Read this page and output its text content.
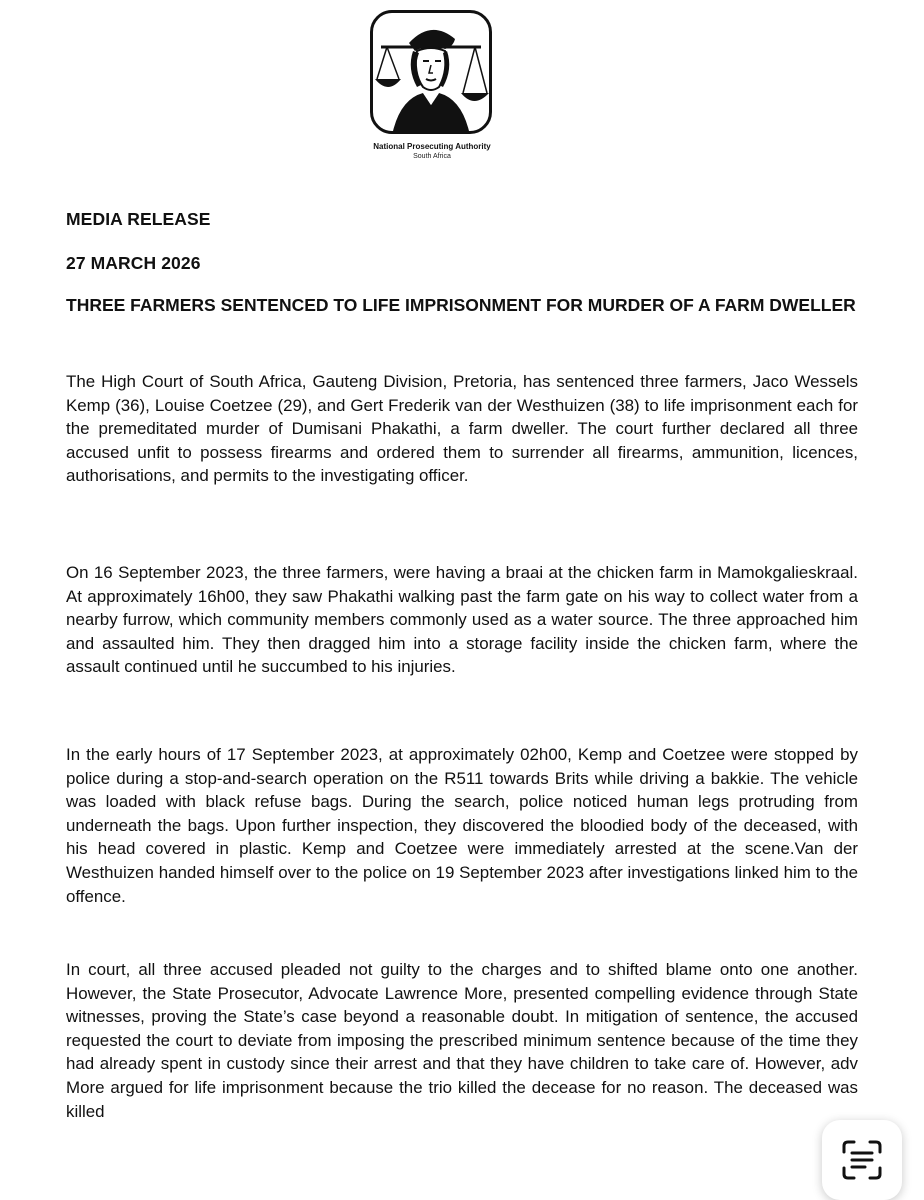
National Prosecuting Authority
South Africa
MEDIA RELEASE
27 MARCH 2026
THREE FARMERS SENTENCED TO LIFE IMPRISONMENT FOR MURDER OF A FARM DWELLER
The High Court of South Africa, Gauteng Division, Pretoria, has sentenced three farmers, Jaco Wessels Kemp (36), Louise Coetzee (29), and Gert Frederik van der Westhuizen (38) to life imprisonment each for the premeditated murder of Dumisani Phakathi, a farm dweller. The court further declared all three accused unfit to possess firearms and ordered them to surrender all firearms, ammunition, licences, authorisations, and permits to the investigating officer.
On 16 September 2023, the three farmers, were having a braai at the chicken farm in Mamokgalieskraal. At approximately 16h00, they saw Phakathi walking past the farm gate on his way to collect water from a nearby furrow, which community members commonly used as a water source. The three approached him and assaulted him. They then dragged him into a storage facility inside the chicken farm, where the assault continued until he succumbed to his injuries.
In the early hours of 17 September 2023, at approximately 02h00, Kemp and Coetzee were stopped by police during a stop-and-search operation on the R511 towards Brits while driving a bakkie. The vehicle was loaded with black refuse bags. During the search, police noticed human legs protruding from underneath the bags. Upon further inspection, they discovered the bloodied body of the deceased, with his head covered in plastic. Kemp and Coetzee were immediately arrested at the scene.Van der Westhuizen handed himself over to the police on 19 September 2023 after investigations linked him to the offence.
In court, all three accused pleaded not guilty to the charges and to shifted blame onto one another. However, the State Prosecutor, Advocate Lawrence More, presented compelling evidence through State witnesses, proving the State’s case beyond a reasonable doubt. In mitigation of sentence, the accused requested the court to deviate from imposing the prescribed minimum sentence because of the time they had already spent in custody since their arrest and that they have children to take care of. However, adv More argued for life imprisonment because the trio killed the decease for no reason. The deceased was killed
